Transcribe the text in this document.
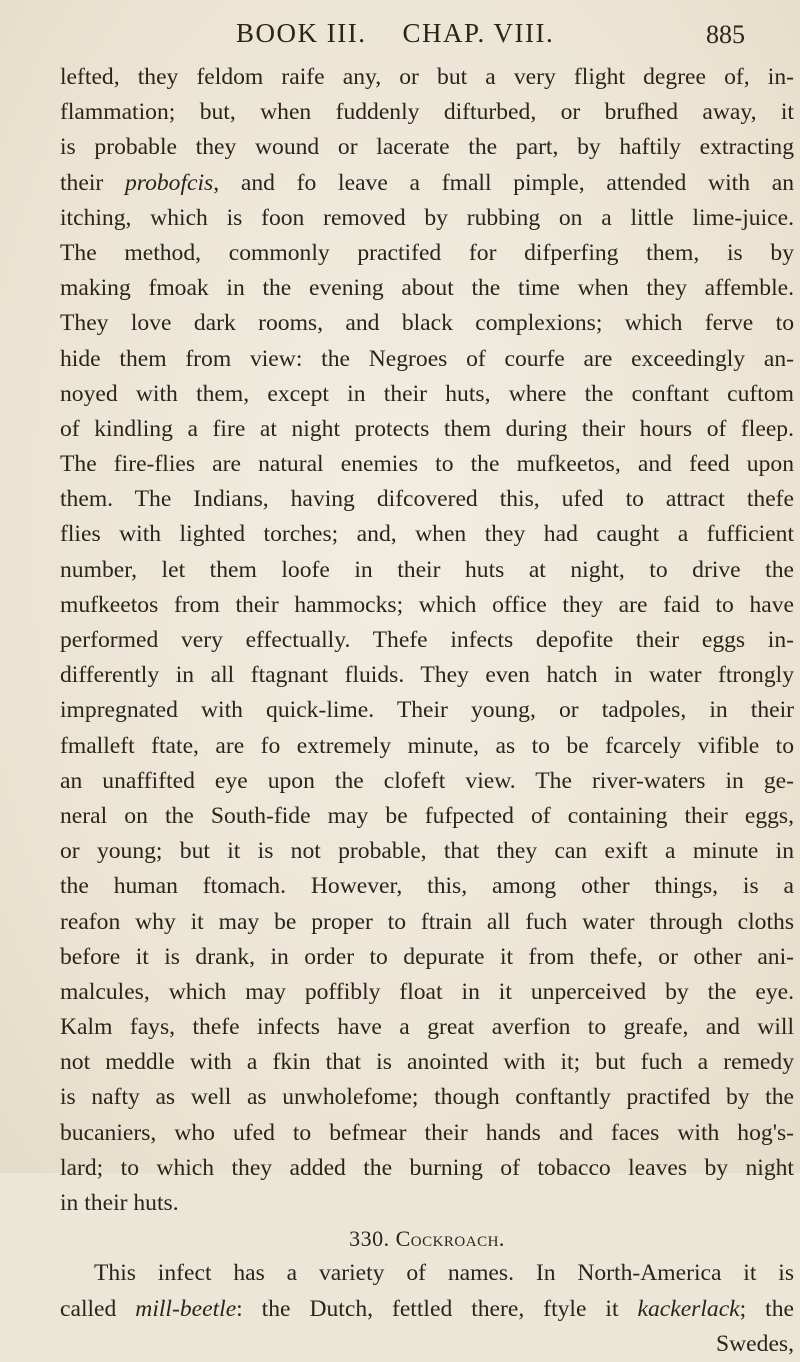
BOOK III. CHAP. VIII.	885
lefted, they feldom raife any, or but a very flight degree of, in-
flammation; but, when fuddenly difturbed, or brufhed away, it
is probable they wound or lacerate the part, by haftily extracting
their probofcis, and fo leave a fmall pimple, attended with an
itching, which is foon removed by rubbing on a little lime-juice.
The method, commonly practifed for difperfing them, is by
making fmoak in the evening about the time when they affemble.
They love dark rooms, and black complexions; which ferve to
hide them from view: the Negroes of courfe are exceedingly an-
noyed with them, except in their huts, where the conftant cuftom
of kindling a fire at night protects them during their hours of fleep.
The fire-flies are natural enemies to the mufkeetos, and feed upon
them. The Indians, having difcovered this, ufed to attract thefe
flies with lighted torches; and, when they had caught a fufficient
number, let them loofe in their huts at night, to drive the
mufkeetos from their hammocks; which office they are faid to have
performed very effectually. Thefe infects depofite their eggs in-
differently in all ftagnant fluids. They even hatch in water ftrongly
impregnated with quick-lime. Their young, or tadpoles, in their
fmalleft ftate, are fo extremely minute, as to be fcarcely vifible to
an unaffifted eye upon the clofeft view. The river-waters in ge-
neral on the South-fide may be fufpected of containing their eggs,
or young; but it is not probable, that they can exift a minute in
the human ftomach. However, this, among other things, is a
reafon why it may be proper to ftrain all fuch water through cloths
before it is drank, in order to depurate it from thefe, or other ani-
malcules, which may poffibly float in it unperceived by the eye.
Kalm fays, thefe infects have a great averfion to greafe, and will
not meddle with a fkin that is anointed with it; but fuch a remedy
is nafty as well as unwholefome; though conftantly practifed by the
bucaniers, who ufed to befmear their hands and faces with hog's-
lard; to which they added the burning of tobacco leaves by night
in their huts.
330. Cockroach.
This infect has a variety of names. In North-America it is
called mill-beetle: the Dutch, fettled there, ftyle it kackerlack; the
Swedes,
